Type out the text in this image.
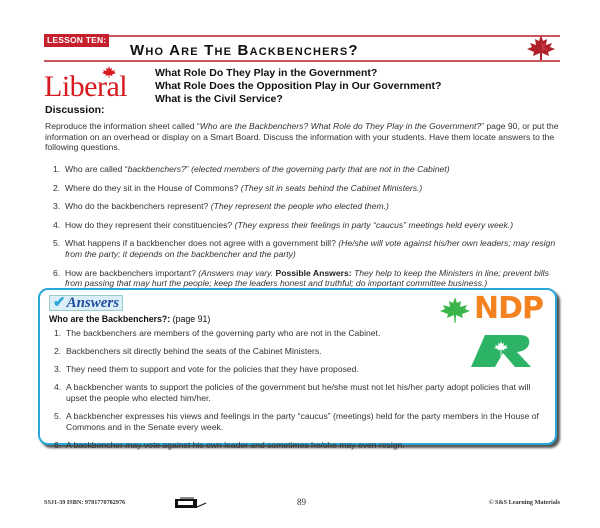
LESSON TEN:
Who Are The Backbenchers?
Liberal	What Role Do They Play in the Government?
What Role Does the Opposition Play in Our Government?
What is the Civil Service?
Discussion:
Reproduce the information sheet called “Who are the Backbenchers? What Role do They Play in the Government?” page 90, or put the information on an overhead or display on a Smart Board. Discuss the information with your students. Have them locate answers to the following questions.
1. Who are called “backbenchers?” (elected members of the governing party that are not in the Cabinet)
2. Where do they sit in the House of Commons? (They sit in seats behind the Cabinet Ministers.)
3. Who do the backbenchers represent? (They represent the people who elected them.)
4. How do they represent their constituencies? (They express their feelings in party “caucus” meetings held every week.)
5. What happens if a backbencher does not agree with a government bill? (He/she will vote against his/her own leaders; may resign from the party; it depends on the backbencher and the party)
6. How are backbenchers important? (Answers may vary. Possible Answers: They help to keep the Ministers in line; prevent bills from passing that may hurt the people; keep the leaders honest and truthful; do important committee business.)
✔Answers
Who are the Backbenchers?: (page 91)	NDP
1. The backbenchers are members of the governing party who are not in the Cabinet.
2. Backbenchers sit directly behind the seats of the Cabinet Ministers.
3. They need them to support and vote for the policies that they have proposed.
4. A backbencher wants to support the policies of the government but he/she must not let his/her party adopt policies that will upset the people who elected him/her.
5. A backbencher expresses his views and feelings in the party “caucus” (meetings) held for the party members in the House of Commons and in the Senate every week.
6. A backbencher may vote against his own leader and sometimes he/she may even resign.
SSJ1-39 ISBN: 9781770782976	89	© S&S Learning Materials
